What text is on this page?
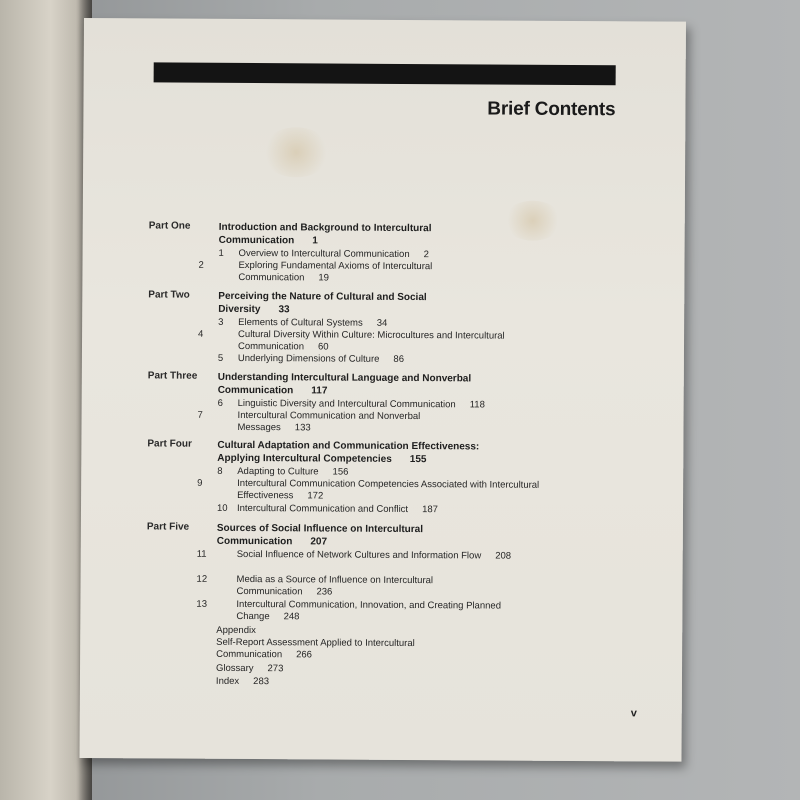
Brief Contents
Part One	Introduction and Background to Intercultural Communication 1
1 Overview to Intercultural Communication 2
2	Exploring Fundamental Axioms of Intercultural Communication 19
Part Two	Perceiving the Nature of Cultural and Social Diversity 33
3 Elements of Cultural Systems 34
4	Cultural Diversity Within Culture: Microcultures and Intercultural Communication 60
5 Underlying Dimensions of Culture 86
Part Three Understanding Intercultural Language and Nonverbal Communication 117
6 Linguistic Diversity and Intercultural Communication 118
7	Intercultural Communication and Nonverbal Messages 133
Part Four	Cultural Adaptation and Communication Effectiveness: Applying Intercultural Competencies 155
8 Adapting to Culture 156
9	Intercultural Communication Competencies Associated with Intercultural Effectiveness 172
10 Intercultural Communication and Conflict 187
Part Five	Sources of Social Influence on Intercultural Communication 207
11	Social Influence of Network Cultures and Information Flow 208
12	Media as a Source of Influence on Intercultural Communication 236
13	Intercultural Communication, Innovation, and Creating Planned Change 248
Appendix
Self-Report Assessment Applied to Intercultural Communication 266
Glossary 273
Index 283
v
